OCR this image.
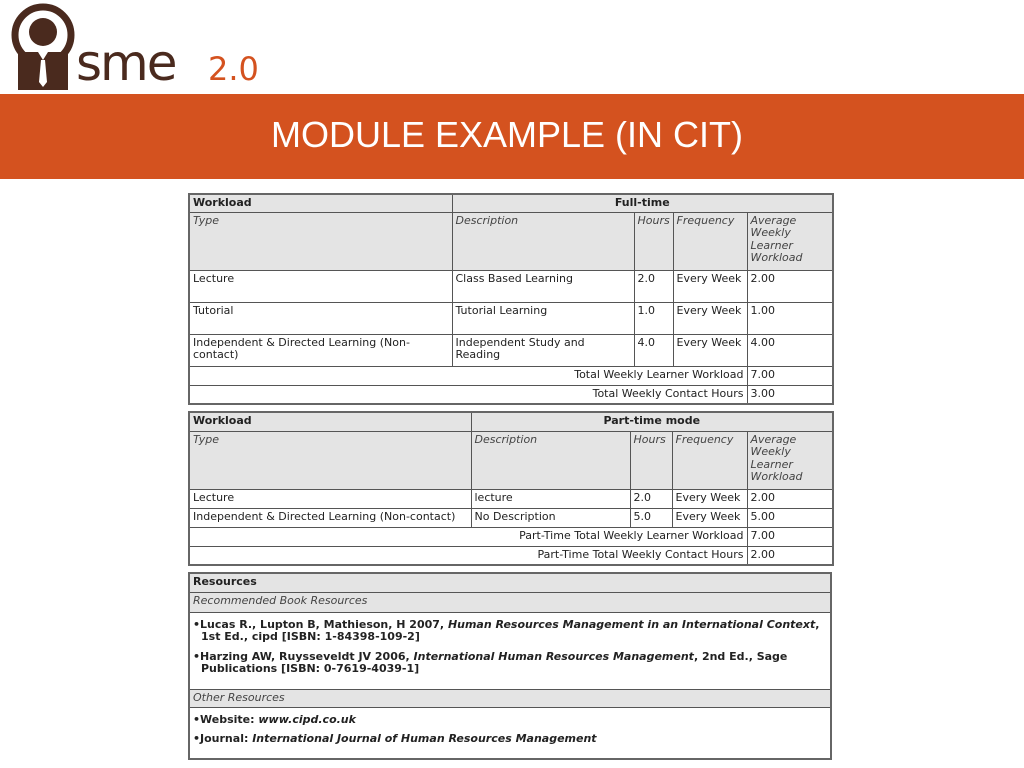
sme 2.0
MODULE EXAMPLE (IN CIT)
Workload	Full-time			
Type	Description	Hours	Frequency	Average Weekly Learner Workload
Lecture	Class Based Learning	2.0	Every Week	2.00
Tutorial	Tutorial Learning	1.0	Every Week	1.00
Independent & Directed Learning (Non-contact)	Independent Study and Reading	4.0	Every Week	4.00
Total Weekly Learner Workload				7.00
Total Weekly Contact Hours				3.00
Workload	Part-time mode			
Type	Description	Hours	Frequency	Average Weekly Learner Workload
Lecture	lecture	2.0	Every Week	2.00
Independent & Directed Learning (Non-contact)	No Description	5.0	Every Week	5.00
Part-Time Total Weekly Learner Workload				7.00
Part-Time Total Weekly Contact Hours				2.00
Resources
Recommended Book Resources

•Lucas R., Lupton B, Mathieson, H 2007, Human Resources Management in an International Context, 1st Ed., cipd [ISBN: 1-84398-109-2]

•Harzing AW, Ruysseveldt JV 2006, International Human Resources Management, 2nd Ed., Sage Publications [ISBN: 0-7619-4039-1]

Other Resources

•Website: www.cipd.co.uk

•Journal: International Journal of Human Resources Management
